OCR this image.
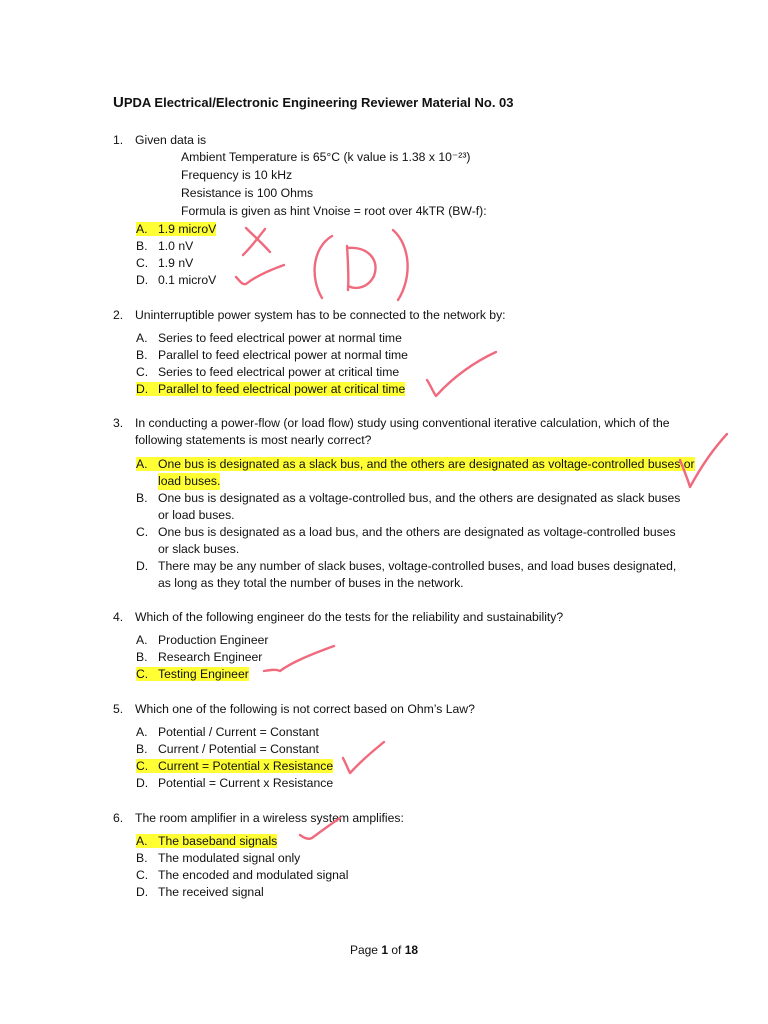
UPDA Electrical/Electronic Engineering Reviewer Material No. 03
1. Given data is
Ambient Temperature is 65°C (k value is 1.38 x 10⁻²³)
Frequency is 10 kHz
Resistance is 100 Ohms
Formula is given as hint Vnoise = root over 4kTR (BW-f):
A. 1.9 microV
B. 1.0 nV
C. 1.9 nV
D. 0.1 microV
2. Uninterruptible power system has to be connected to the network by:
A. Series to feed electrical power at normal time
B. Parallel to feed electrical power at normal time
C. Series to feed electrical power at critical time
D. Parallel to feed electrical power at critical time
3. In conducting a power-flow (or load flow) study using conventional iterative calculation, which of the following statements is most nearly correct?
A. One bus is designated as a slack bus, and the others are designated as voltage-controlled buses or
load buses.
B. One bus is designated as a voltage-controlled bus, and the others are designated as slack buses or load buses.
C. One bus is designated as a load bus, and the others are designated as voltage-controlled buses or slack buses.
D. There may be any number of slack buses, voltage-controlled buses, and load buses designated, as long as they total the number of buses in the network.
4. Which of the following engineer do the tests for the reliability and sustainability?
A. Production Engineer
B. Research Engineer
C. Testing Engineer
5. Which one of the following is not correct based on Ohm’s Law?
A. Potential / Current = Constant
B. Current / Potential = Constant
C. Current = Potential x Resistance
D. Potential = Current x Resistance
6. The room amplifier in a wireless system amplifies:
A. The baseband signals
B. The modulated signal only
C. The encoded and modulated signal
D. The received signal
Page 1 of 18
